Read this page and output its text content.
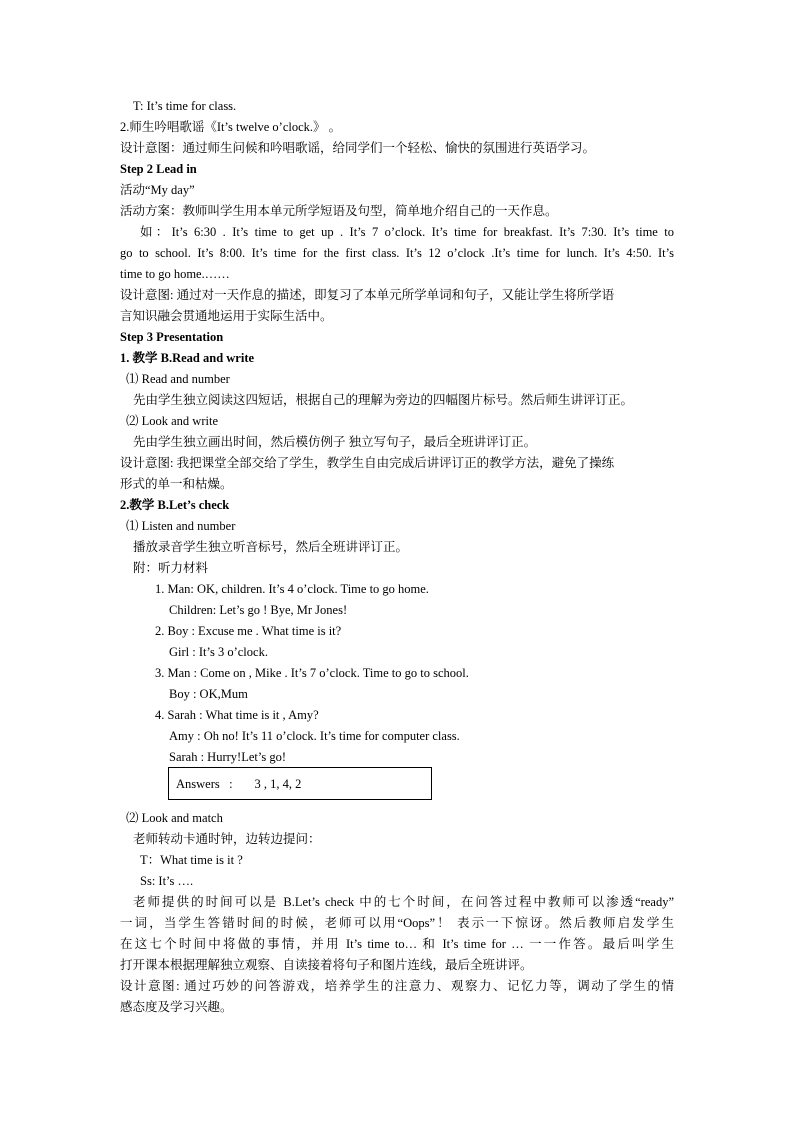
T: It’s time for class.
2.师生吟唱歌谣《It’s twelve o’clock.》 。
设计意图：通过师生问候和吟唱歌谣，给同学们一个轻松、愉快的氛围进行英语学习。
Step 2 Lead in
活动“My day”
活动方案：教师叫学生用本单元所学短语及句型，简单地介绍自己的一天作息。
如：It’s 6:30 . It’s time to get up . It’s 7 o’clock. It’s time for breakfast. It’s 7:30. It’s time to
go to school. It’s 8:00. It’s time for the first class. It’s 12 o’clock .It’s time for lunch. It’s 4:50. It’s
time to go home.……
设计意图: 通过对一天作息的描述，即复习了本单元所学单词和句子，又能让学生将所学语
言知识融会贯通地运用于实际生活中。
Step 3 Presentation
1. 教学 B.Read and write
⑴ Read and number
先由学生独立阅读这四短话，根据自己的理解为旁边的四幅图片标号。然后师生讲评订正。
⑵ Look and write
先由学生独立画出时间，然后模仿例子 独立写句子，最后全班讲评订正。
设计意图: 我把课堂全部交给了学生，教学生自由完成后讲评订正的教学方法，避免了操练
形式的单一和枯燥。
2.教学 B.Let’s check
⑴ Listen and number
播放录音学生独立听音标号，然后全班讲评订正。
附：听力材料
1. Man: OK, children. It’s 4 o’clock. Time to go home.
Children: Let’s go ! Bye, Mr Jones!
2. Boy : Excuse me . What time is it?
Girl : It’s 3 o’clock.
3. Man : Come on , Mike . It’s 7 o’clock. Time to go to school.
Boy : OK,Mum
4. Sarah : What time is it , Amy?
Amy : Oh no! It’s 11 o’clock. It’s time for computer class.
Sarah : Hurry!Let’s go!
Answers   :       3 , 1, 4, 2
⑵ Look and match
老师转动卡通时钟，边转边提问：
T：What time is it ?
Ss: It’s ….
老师提供的时间可以是 B.Let’s check 中的七个时间，在问答过程中教师可以渗透“ready”
一词，当学生答错时间的时候，老师可以用“Oops”！ 表示一下惊讶。然后教师启发学生
在这七个时间中将做的事情，并用 It’s time to… 和 It’s time for … 一一作答。最后叫学生
打开课本根据理解独立观察、自读接着将句子和图片连线，最后全班讲评。
设计意图: 通过巧妙的问答游戏，培养学生的注意力、观察力、记忆力等，调动了学生的情
感态度及学习兴趣。
